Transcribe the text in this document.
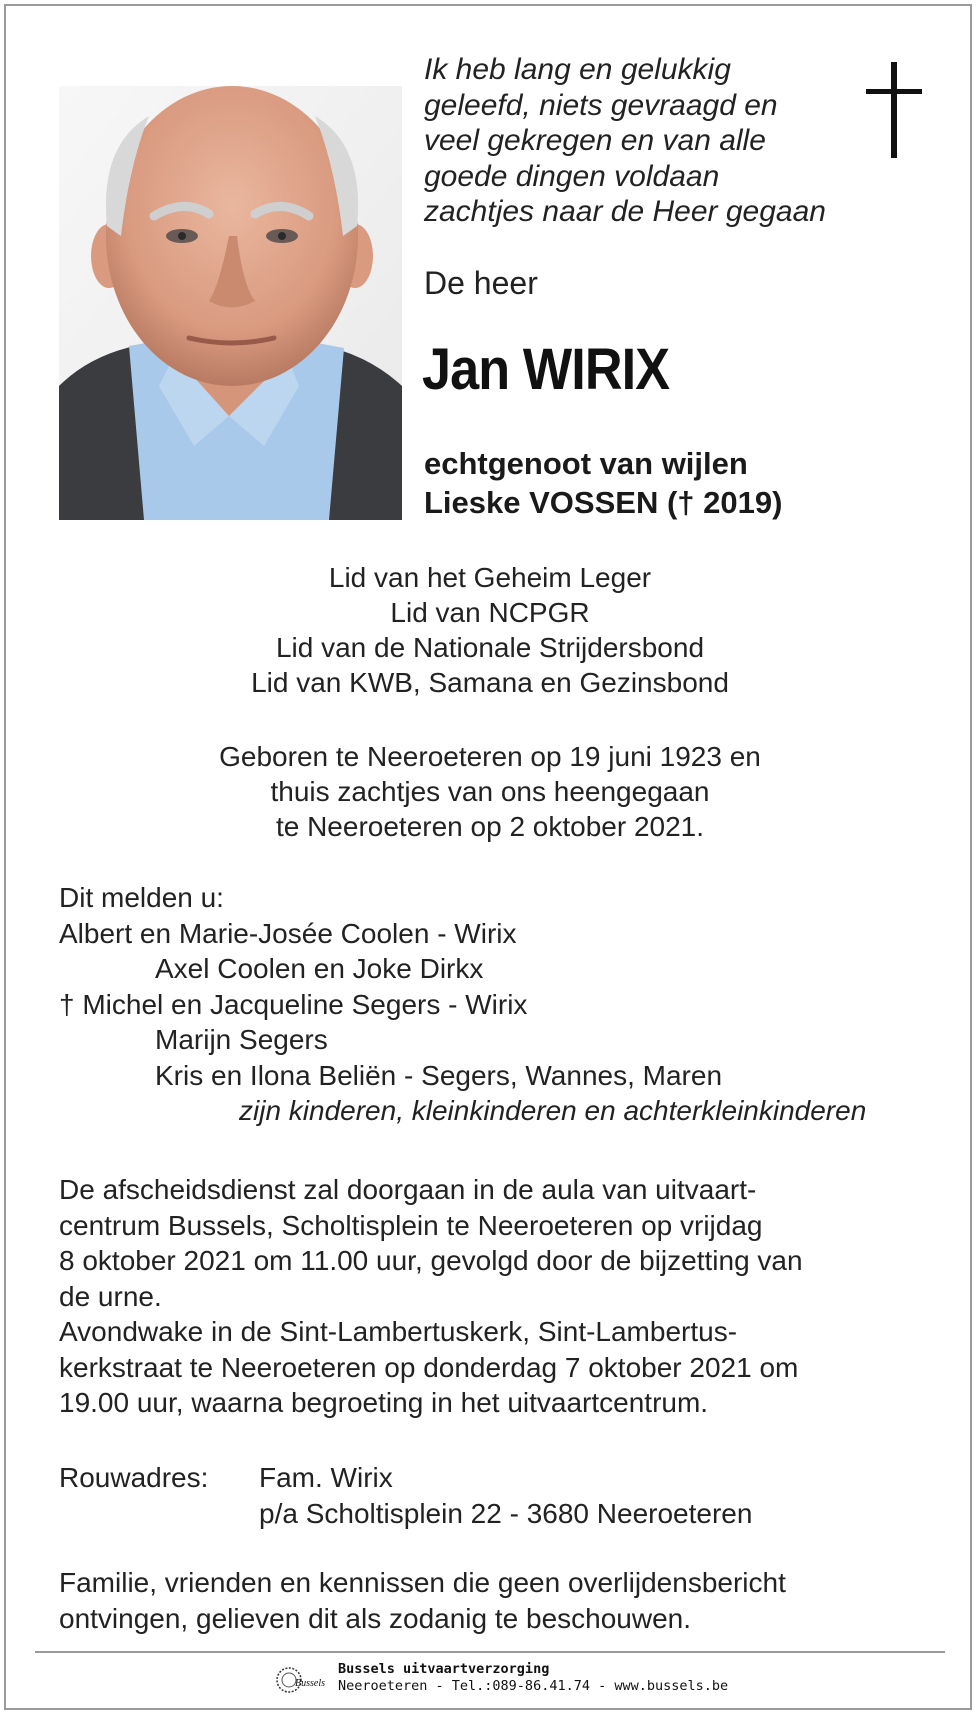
Ik heb lang en gelukkig
geleefd, niets gevraagd en
veel gekregen en van alle
goede dingen voldaan
zachtjes naar de Heer gegaan
De heer
Jan WIRIX
echtgenoot van wijlen
Lieske VOSSEN († 2019)
Lid van het Geheim Leger
Lid van NCPGR
Lid van de Nationale Strijdersbond
Lid van KWB, Samana en Gezinsbond
Geboren te Neeroeteren op 19 juni 1923 en
thuis zachtjes van ons heengegaan
te Neeroeteren op 2 oktober 2021.
Dit melden u:
Albert en Marie-Josée Coolen - Wirix
Axel Coolen en Joke Dirkx
† Michel en Jacqueline Segers - Wirix
Marijn Segers
Kris en Ilona Beliën - Segers, Wannes, Maren
zijn kinderen, kleinkinderen en achterkleinkinderen
De afscheidsdienst zal doorgaan in de aula van uitvaart-
centrum Bussels, Scholtisplein te Neeroeteren op vrijdag
8 oktober 2021 om 11.00 uur, gevolgd door de bijzetting van
de urne.
Avondwake in de Sint-Lambertuskerk, Sint-Lambertus-
kerkstraat te Neeroeteren op donderdag 7 oktober 2021 om
19.00 uur, waarna begroeting in het uitvaartcentrum.
Rouwadres:	Fam. Wirix
p/a Scholtisplein 22 - 3680 Neeroeteren
Familie, vrienden en kennissen die geen overlijdensbericht
ontvingen, gelieven dit als zodanig te beschouwen.
Bussels
Bussels uitvaartverzorging
Neeroeteren - Tel.:089-86.41.74 - www.bussels.be
